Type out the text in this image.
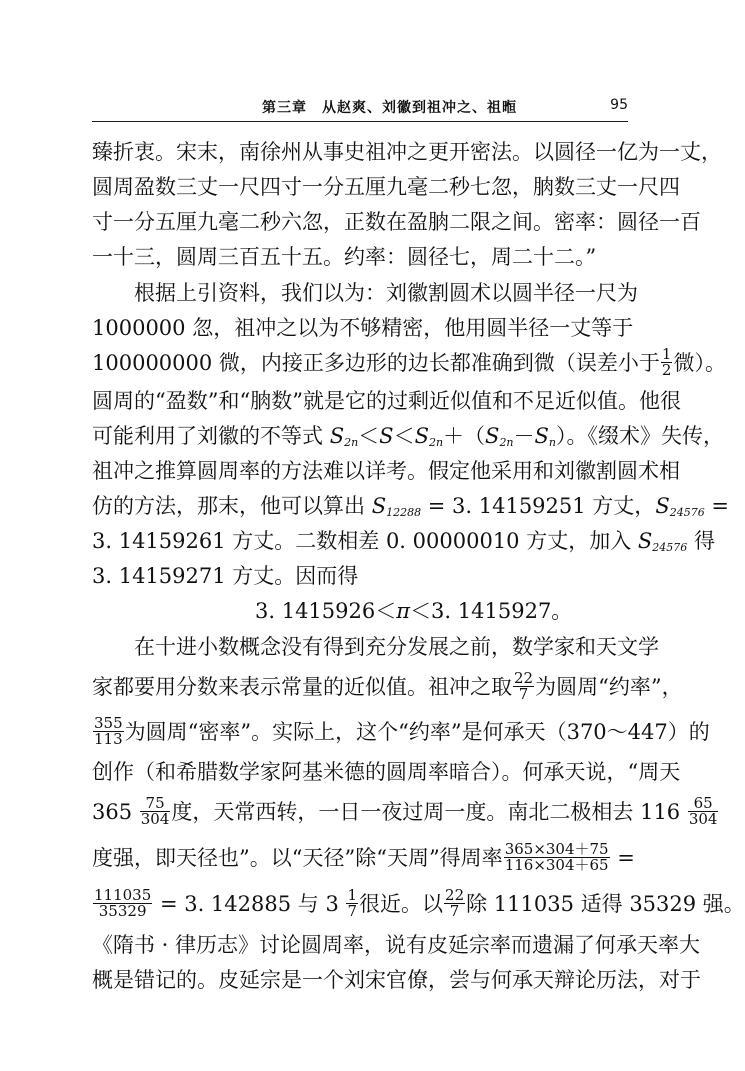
第三章　从赵爽、刘徽到祖冲之、祖暅	95
臻折衷。宋末，南徐州从事史祖冲之更开密法。以圆径一亿为一丈，
圆周盈数三丈一尺四寸一分五厘九毫二秒七忽，朒数三丈一尺四
寸一分五厘九毫二秒六忽，正数在盈朒二限之间。密率：圆径一百
一十三，圆周三百五十五。约率：圆径七，周二十二。”
根据上引资料，我们以为：刘徽割圆术以圆半径一尺为
1000000 忽，祖冲之以为不够精密，他用圆半径一丈等于
100000000 微，内接正多边形的边长都准确到微（误差小于 $\frac{1}{2}$ 微）。
圆周的“盈数”和“朒数”就是它的过剩近似值和不足近似值。他很
可能利用了刘徽的不等式 $S_{2n}<S<S_{2n}+(S_{2n}-S_n)$。《缀术》失传，
祖冲之推算圆周率的方法难以详考。假定他采用和刘徽割圆术相
仿的方法，那末，他可以算出 $S_{12288} = 3$. 14159251 方丈，$S_{24576}$ =
3. 14159261 方丈。二数相差 0. 00000010 方丈，加入 $S_{24576}$ 得
3. 14159271 方丈。因而得
3. 1415926＜π＜3. 1415927。
在十进小数概念没有得到充分发展之前，数学家和天文学
家都要用分数来表示常量的近似值。祖冲之取 $\frac{22}{7}$ 为圆周“约率”，
$\frac{355}{113}$ 为圆周“密率”。实际上，这个“约率”是何承天（370～447）的
创作（和希腊数学家阿基米德的圆周率暗合）。何承天说，“周天
$365 \frac{75}{304}$ 度，天常西转，一日一夜过周一度。南北二极相去 $116 \frac{65}{304}$
度强，即天径也”。以“天径”除“天周”得周率 $\frac{365\times 304+75}{116\times 304+65}$ =
$\frac{111035}{35329} = 3$. 142885 与 $3 \frac{1}{7}$ 很近。以 $\frac{22}{7}$ 除 111035 适得 35329 强。
《隋书 · 律历志》讨论圆周率，说有皮延宗率而遗漏了何承天率大
概是错记的。皮延宗是一个刘宋官僚，尝与何承天辩论历法，对于
